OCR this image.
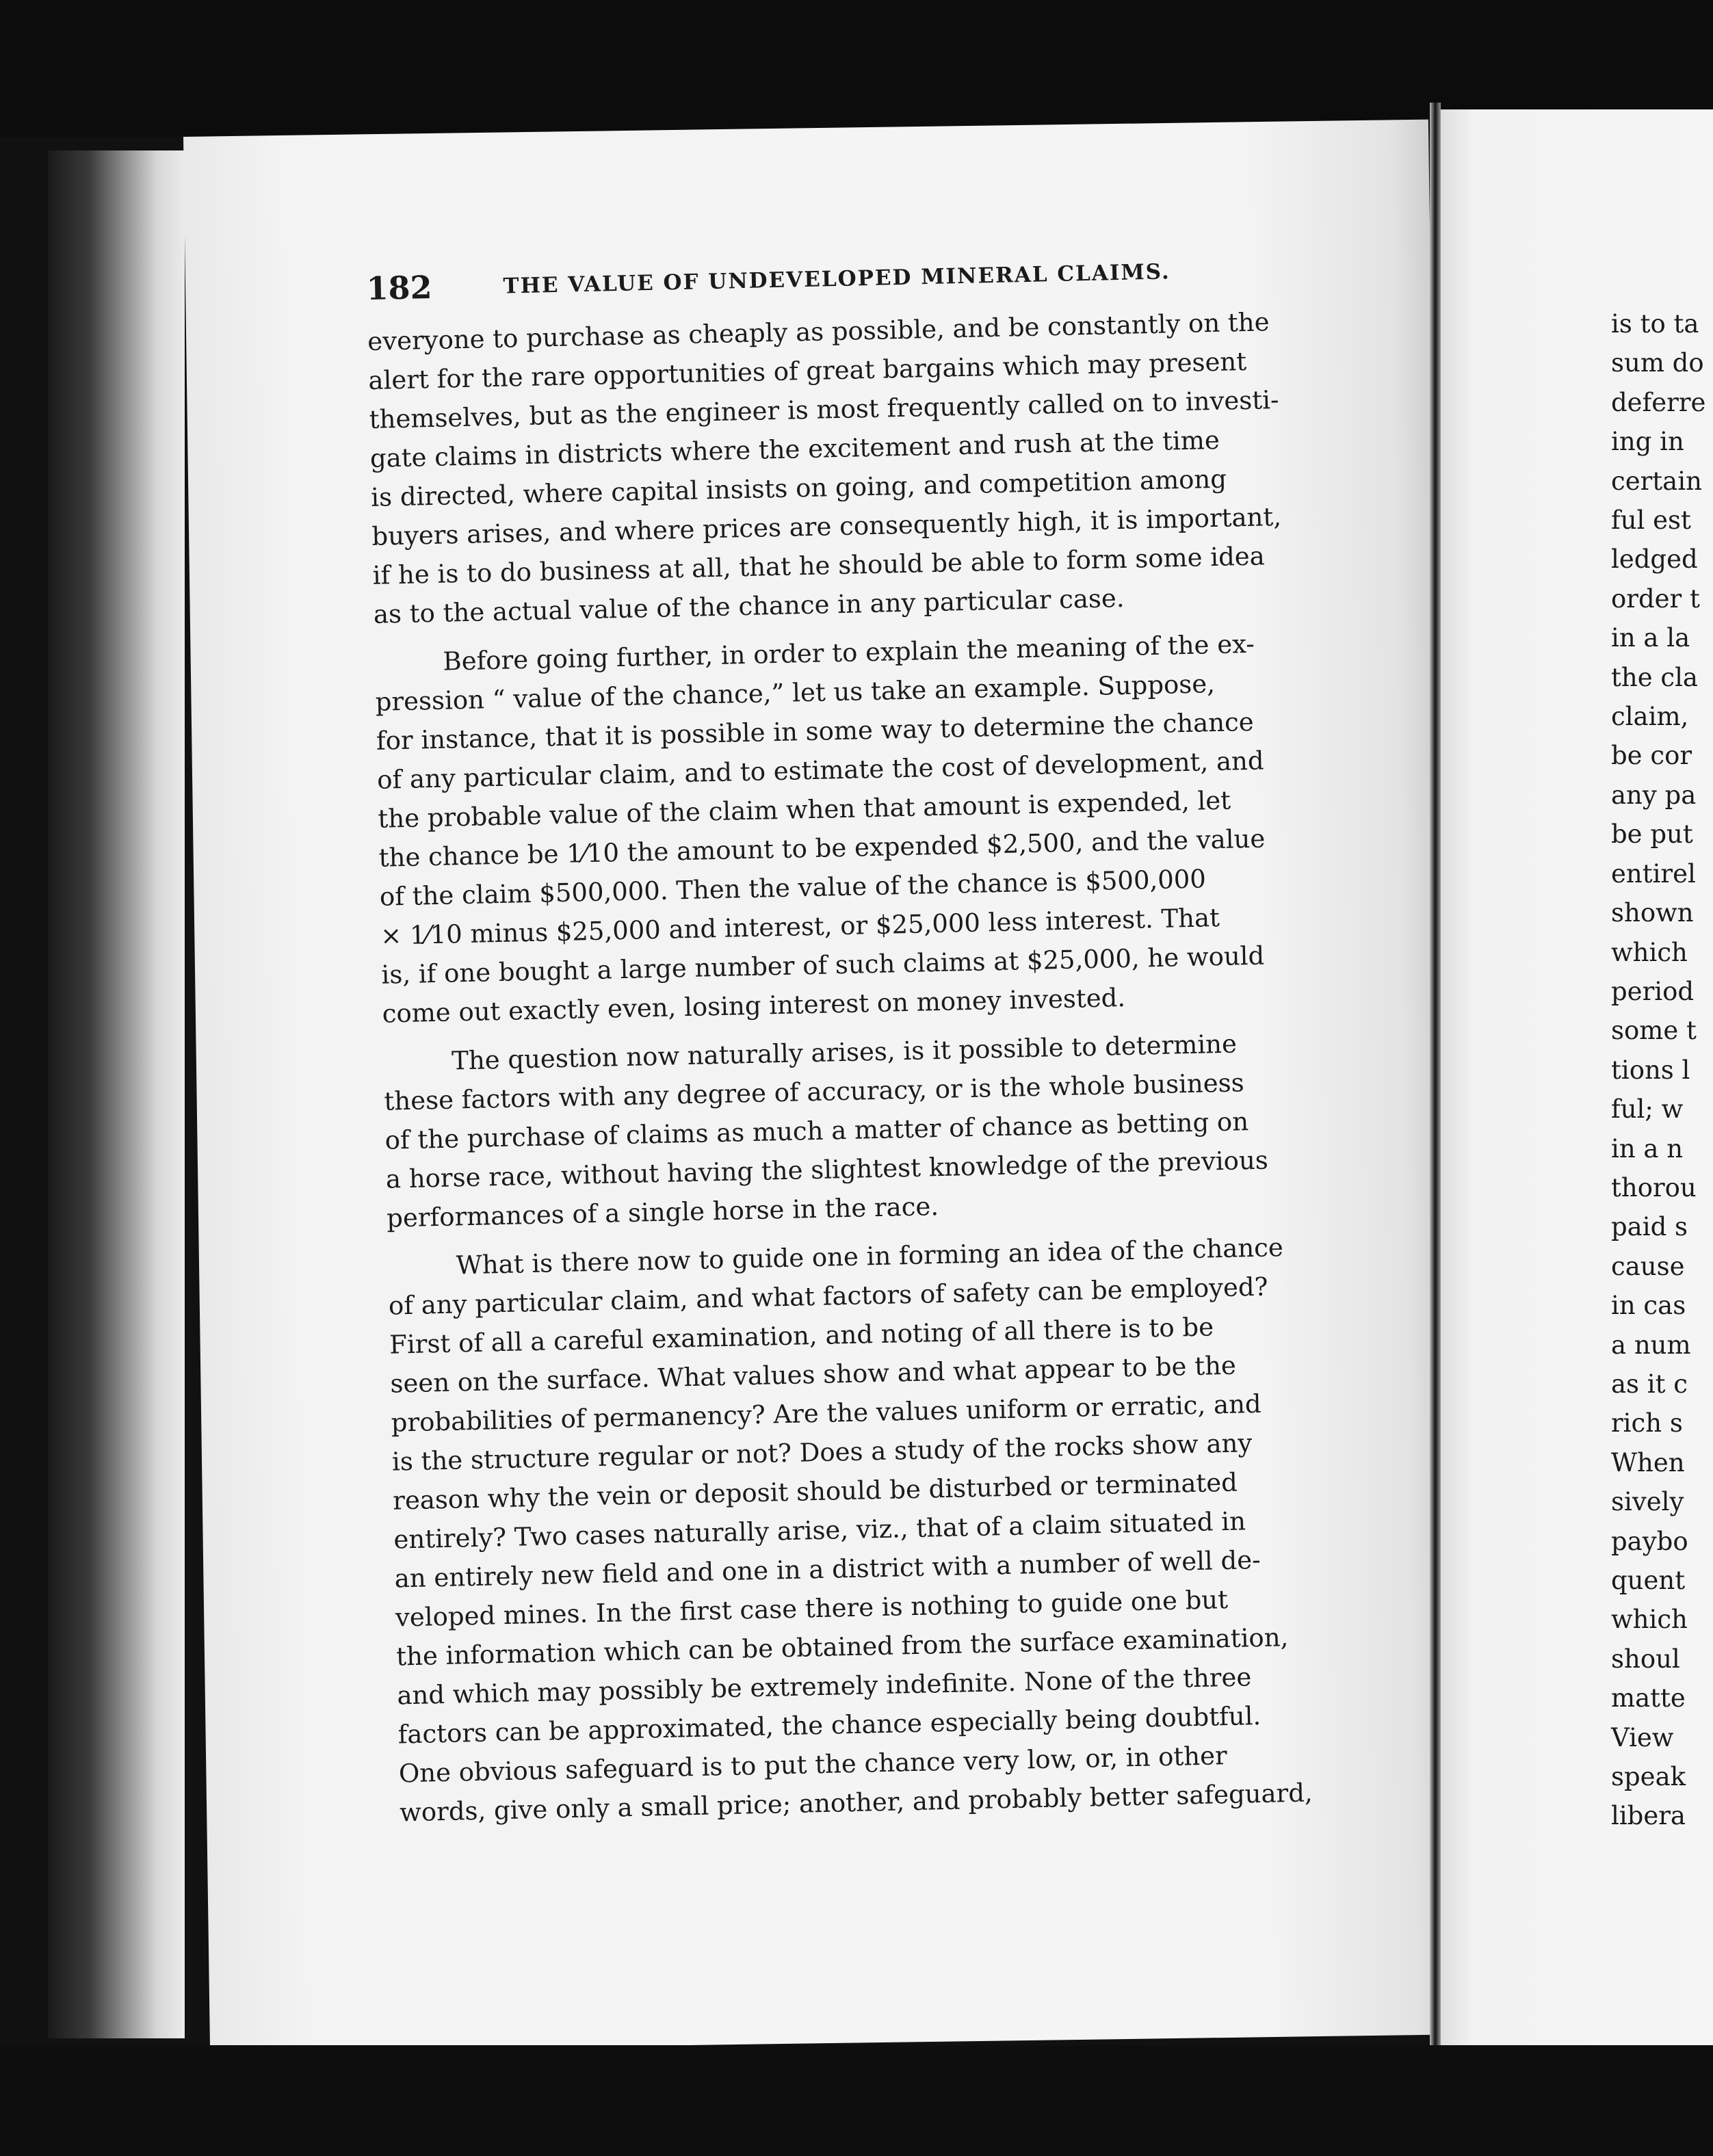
182	THE VALUE OF UNDEVELOPED MINERAL CLAIMS.

everyone to purchase as cheaply as possible, and be constantly on the
alert for the rare opportunities of great bargains which may present
themselves, but as the engineer is most frequently called on to investi-
gate claims in districts where the excitement and rush at the time
is directed, where capital insists on going, and competition among
buyers arises, and where prices are consequently high, it is important,
if he is to do business at all, that he should be able to form some idea
as to the actual value of the chance in any particular case.

Before going further, in order to explain the meaning of the ex-
pression “ value of the chance,” let us take an example. Suppose,
for instance, that it is possible in some way to determine the chance
of any particular claim, and to estimate the cost of development, and
the probable value of the claim when that amount is expended, let
the chance be 1⁄10 the amount to be expended $2,500, and the value
of the claim $500,000. Then the value of the chance is $500,000
× 1⁄10 minus $25,000 and interest, or $25,000 less interest. That
is, if one bought a large number of such claims at $25,000, he would
come out exactly even, losing interest on money invested.

The question now naturally arises, is it possible to determine
these factors with any degree of accuracy, or is the whole business
of the purchase of claims as much a matter of chance as betting on
a horse race, without having the slightest knowledge of the previous
performances of a single horse in the race.

What is there now to guide one in forming an idea of the chance
of any particular claim, and what factors of safety can be employed?
First of all a careful examination, and noting of all there is to be
seen on the surface. What values show and what appear to be the
probabilities of permanency? Are the values uniform or erratic, and
is the structure regular or not? Does a study of the rocks show any
reason why the vein or deposit should be disturbed or terminated
entirely? Two cases naturally arise, viz., that of a claim situated in
an entirely new field and one in a district with a number of well de-
veloped mines. In the first case there is nothing to guide one but
the information which can be obtained from the surface examination,
and which may possibly be extremely indefinite. None of the three
factors can be approximated, the chance especially being doubtful.
One obvious safeguard is to put the chance very low, or, in other
words, give only a small price; another, and probably better safeguard,

is to ta
sum do
deferre
ing in
certain
ful est
ledged
order t
in a la
the cla
claim,
be cor
any pa
be put
entirel
shown
which
period
some t
tions l
ful; w
in a n
thorou
paid s
cause
in cas
a num
as it c
rich s
When
sively
paybo
quent
which
shoul
matte
View
speak
libera
